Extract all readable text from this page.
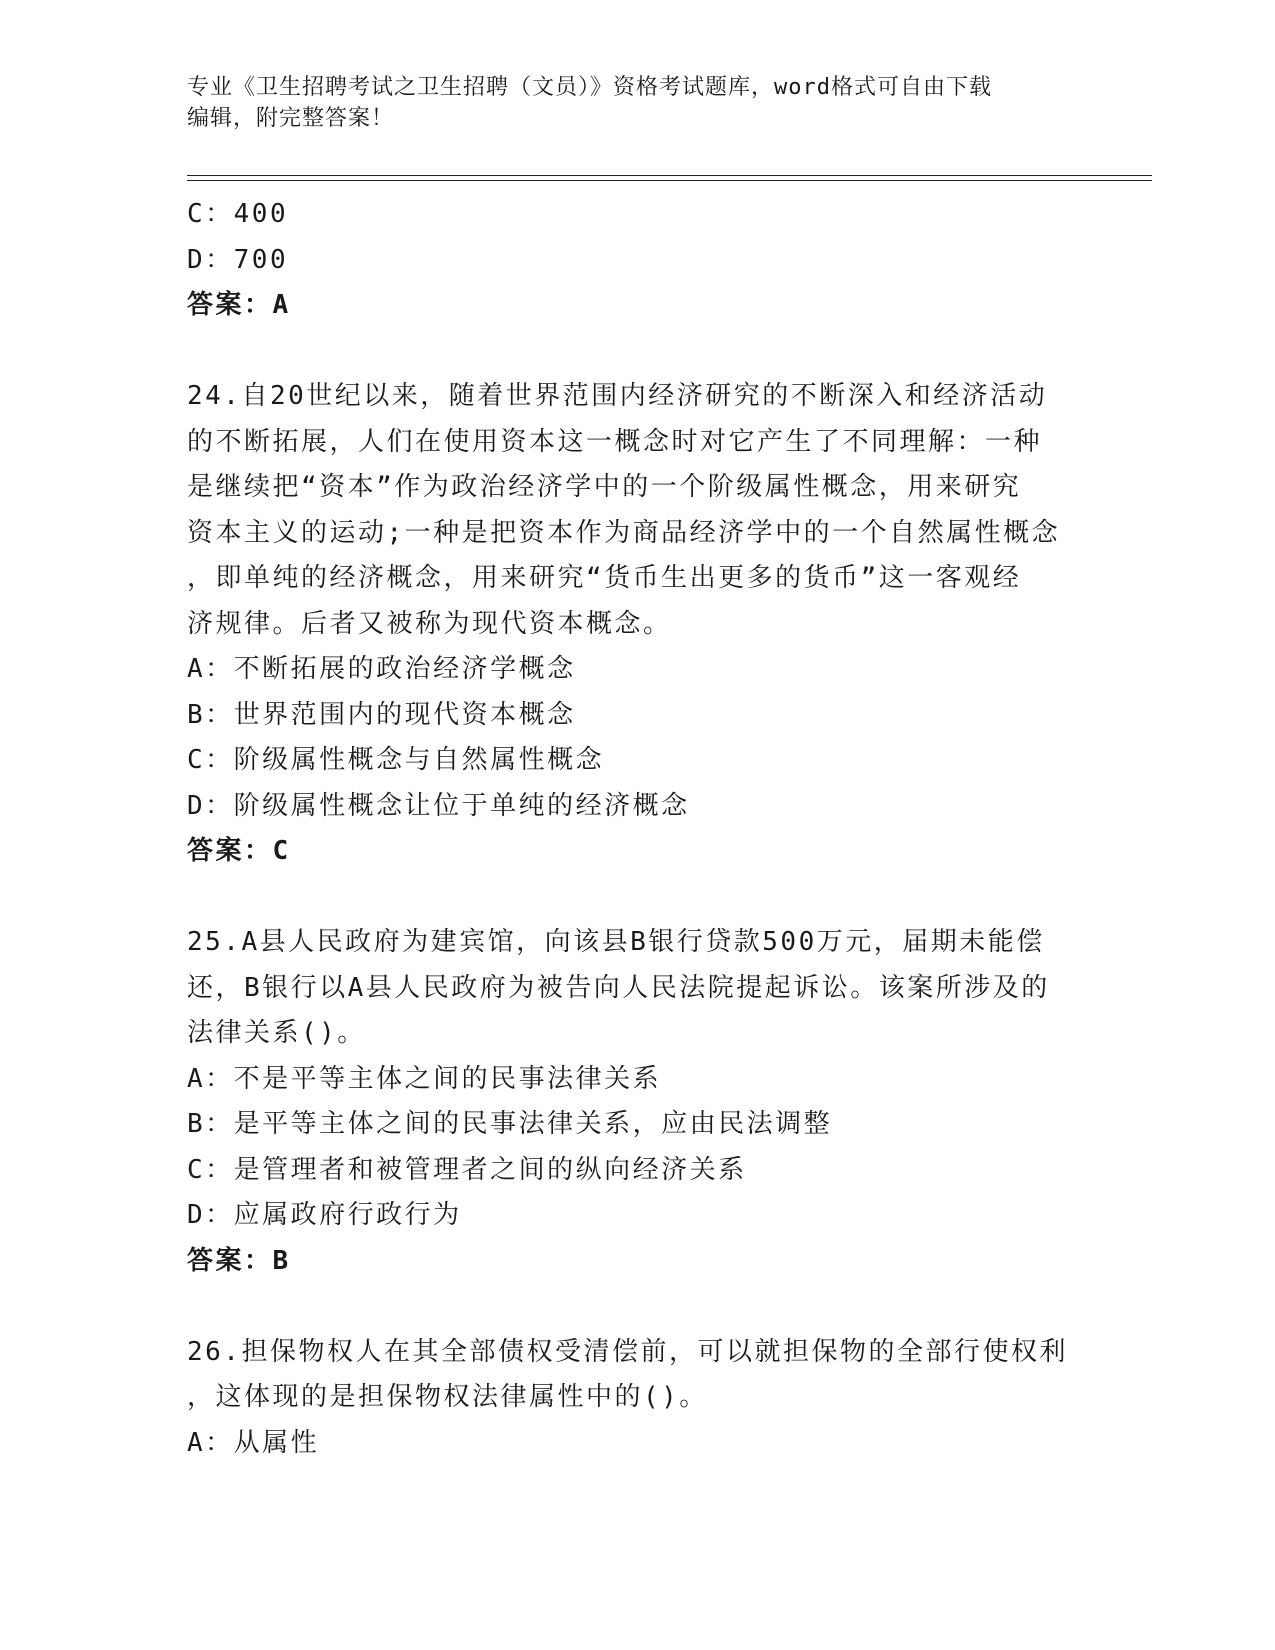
专业《卫生招聘考试之卫生招聘（文员）》资格考试题库，word格式可自由下载
编辑，附完整答案！
C：400
D：700
答案：A
24.自20世纪以来，随着世界范围内经济研究的不断深入和经济活动
的不断拓展，人们在使用资本这一概念时对它产生了不同理解：一种
是继续把“资本”作为政治经济学中的一个阶级属性概念，用来研究
资本主义的运动;一种是把资本作为商品经济学中的一个自然属性概念
，即单纯的经济概念，用来研究“货币生出更多的货币”这一客观经
济规律。后者又被称为现代资本概念。
A：不断拓展的政治经济学概念
B：世界范围内的现代资本概念
C：阶级属性概念与自然属性概念
D：阶级属性概念让位于单纯的经济概念
答案：C
25.A县人民政府为建宾馆，向该县B银行贷款500万元，届期未能偿
还，B银行以A县人民政府为被告向人民法院提起诉讼。该案所涉及的
法律关系()。
A：不是平等主体之间的民事法律关系
B：是平等主体之间的民事法律关系，应由民法调整
C：是管理者和被管理者之间的纵向经济关系
D：应属政府行政行为
答案：B
26.担保物权人在其全部债权受清偿前，可以就担保物的全部行使权利
，这体现的是担保物权法律属性中的()。
A：从属性
